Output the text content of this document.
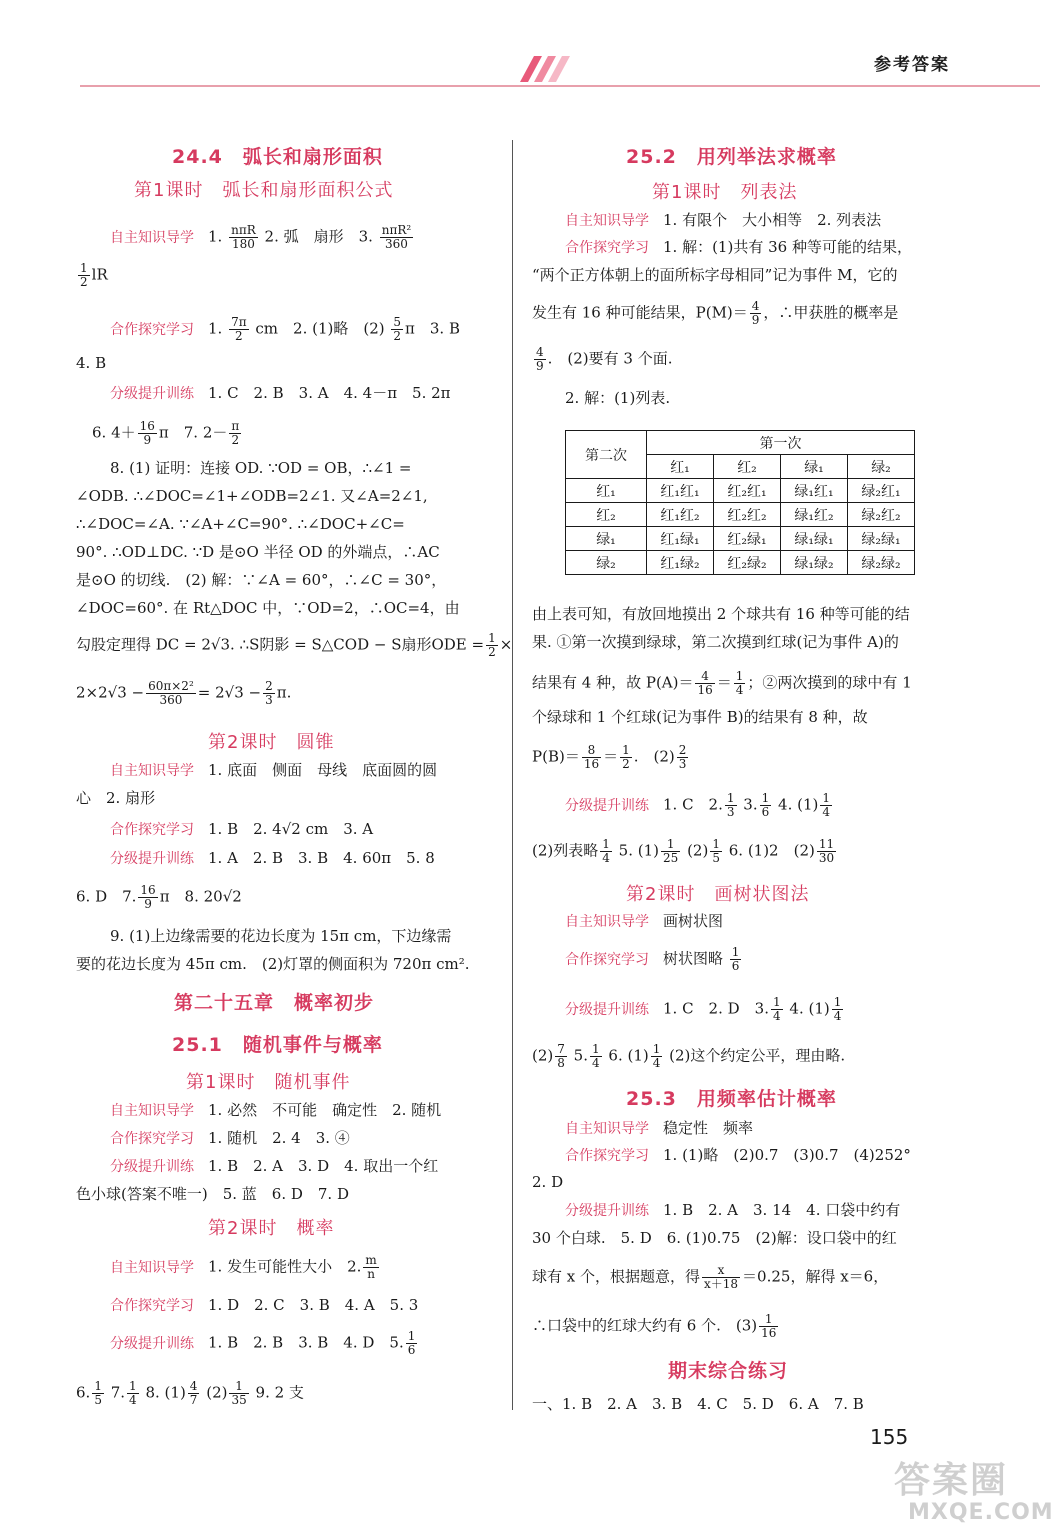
参考答案
24.4　弧长和扇形面积
第1课时　弧长和扇形面积公式
自主知识导学 1. $\frac{\text{nπR}}{180} 2$. 弧　扇形　3. $\frac{\text{nπR²}}{360}$
$\frac{1}{2}$ lR
合作探究学习 1. $\frac{7\pi}{2}$ cm　2. (1)略　$(2) \frac{5}{2}$ π　3. B
4. B
分级提升训练 1. C　2. B　3. A　4. 4－π　5. 2π
6. $4+ \frac{16}{9}$ π　7. $2- \frac{\pi}{2}$
8. (1) 证明：连接 OD. ∵OD = OB，∴∠1 =
∠ODB. ∴∠DOC=∠1+∠ODB=2∠1. 又∠A=2∠1,
∴∠DOC=∠A. ∵∠A+∠C=90°. ∴∠DOC+∠C=
90°. ∴OD⊥DC. ∵D 是⊙O 半径 OD 的外端点，∴AC
是⊙O 的切线.　(2) 解：∵∠A = 60°，∴∠C = 30°，
∠DOC=60°. 在 Rt△DOC 中，∵OD=2，∴OC=4，由
勾股定理得 DC = 2√3. ∴S阴影 = S△COD − S扇形ODE = $\frac{1}{2}$ ×
$2\times 2√3 - \frac{\text{60π×2²}}{360} = 2√3 - \frac{2}{3} \pi$.
第2课时　圆锥
自主知识导学 1. 底面　侧面　母线　底面圆的圆
心　2. 扇形
合作探究学习 1. B　2. 4√2 cm　3. A
分级提升训练 1. A　2. B　3. B　4. 60π　5. 8
6. D　7. $\frac{16}{9}$ π　8. 20√2
9. (1)上边缘需要的花边长度为 15π cm，下边缘需
要的花边长度为 45π cm.　(2)灯罩的侧面积为 720π cm².
第二十五章　概率初步
25.1　随机事件与概率
第1课时　随机事件
自主知识导学 1. 必然　不可能　确定性　2. 随机
合作探究学习 1. 随机　2. 4　3. ④
分级提升训练 1. B　2. A　3. D　4. 取出一个红
色小球(答案不唯一)　5. 蓝　6. D　7. D
第2课时　概率
自主知识导学 1. 发生可能性大小　2. $\frac{m}{n}$
合作探究学习 1. D　2. C　3. B　4. A　5. 3
分级提升训练 1. B　2. B　3. B　4. D　5. $\frac{1}{6}$
6. $\frac{1}{5} 7$. $\frac{1}{4} 8$. $(1) \frac{4}{7} (2) \frac{1}{35} 9$. 2 支
25.2　用列举法求概率
第1课时　列表法
自主知识导学 1. 有限个　大小相等　2. 列表法
合作探究学习 1. 解：(1)共有 36 种等可能的结果，
“两个正方体朝上的面所标字母相同”记为事件 M，它的
发生有 16 种可能结果，$P(M)= \frac{4}{9}$ ，∴甲获胜的概率是
$\frac{4}{9}$ .　(2)要有 3 个面.
2. 解：(1)列表.
第二次	第一次			
	红₁	红₂	绿₁	绿₂
红₁	红₁红₁	红₂红₁	绿₁红₁	绿₂红₁
红₂	红₁红₂	红₂红₂	绿₁红₂	绿₂红₂
绿₁	红₁绿₁	红₂绿₁	绿₁绿₁	绿₂绿₁
绿₂	红₁绿₂	红₂绿₂	绿₁绿₂	绿₂绿₂
由上表可知，有放回地摸出 2 个球共有 16 种等可能的结
果. ①第一次摸到绿球，第二次摸到红球(记为事件 A)的
结果有 4 种，故 $P(A)= \frac{4}{16} = \frac{1}{4}$ ；②两次摸到的球中有 1
个绿球和 1 个红球(记为事件 B)的结果有 8 种，故
$P(B)= \frac{8}{16} = \frac{1}{2}$ .　$(2) \frac{2}{3}$
分级提升训练 1. C　2. $\frac{1}{3} 3$. $\frac{1}{6} 4$. $(1) \frac{1}{4}$
(2)列表略 $\frac{1}{4} 5$. $(1) \frac{1}{25} (2) \frac{1}{5} 6$. (1)2　$(2) \frac{11}{30}$
第2课时　画树状图法
自主知识导学 画树状图
合作探究学习 树状图略 $\frac{1}{6}$
分级提升训练 1. C　2. D　3. $\frac{1}{4} 4$. $(1) \frac{1}{4}$
$(2) \frac{7}{8} 5$. $\frac{1}{4} 6$. $(1) \frac{1}{4} (2)$这个约定公平，理由略.
25.3　用频率估计概率
自主知识导学 稳定性　频率
合作探究学习 1. (1)略　(2)0.7　(3)0.7　(4)252°
2. D
分级提升训练 1. B　2. A　3. 14　4. 口袋中约有
30 个白球.　5. D　6. (1)0.75　(2)解：设口袋中的红
球有 x 个，根据题意，得 $\frac{x}{x+18} =0.25$，解得 x＝6，
∴口袋中的红球大约有 6 个.　$(3) \frac{1}{16}$
期末综合练习
一、1. B　2. A　3. B　4. C　5. D　6. A　7. B
155
答案圈
MXQE.COM
